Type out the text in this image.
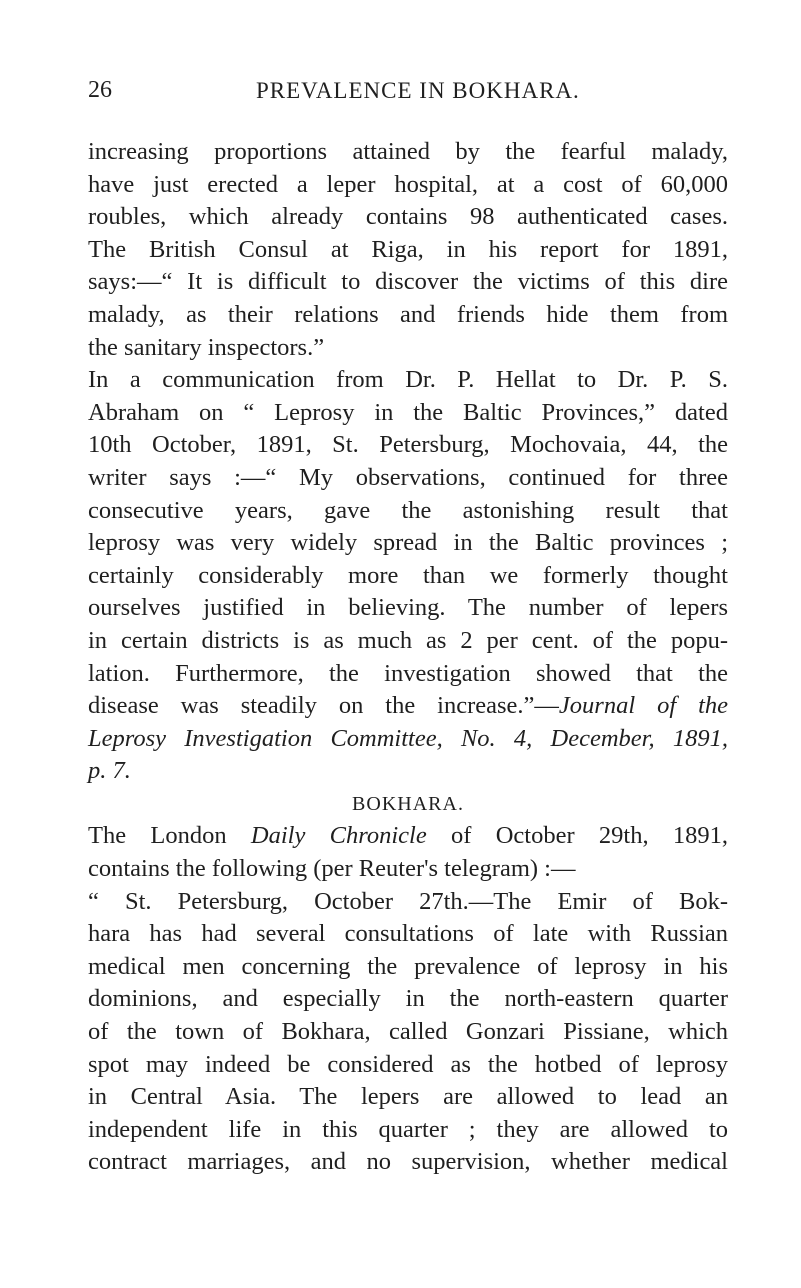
26	PREVALENCE IN BOKHARA.
increasing proportions attained by the fearful malady,
have just erected a leper hospital, at a cost of 60,000
roubles, which already contains 98 authenticated cases.
The British Consul at Riga, in his report for 1891,
says:—“ It is difficult to discover the victims of this dire
malady, as their relations and friends hide them from
the sanitary inspectors.”
In a communication from Dr. P. Hellat to Dr. P. S.
Abraham on “ Leprosy in the Baltic Provinces,” dated
10th October, 1891, St. Petersburg, Mochovaia, 44, the
writer says :—“ My observations, continued for three
consecutive years, gave the astonishing result that
leprosy was very widely spread in the Baltic provinces ;
certainly considerably more than we formerly thought
ourselves justified in believing. The number of lepers
in certain districts is as much as 2 per cent. of the popu-
lation. Furthermore, the investigation showed that the
disease was steadily on the increase.”—Journal of the
Leprosy Investigation Committee, No. 4, December, 1891,
p. 7.
BOKHARA.
The London Daily Chronicle of October 29th, 1891,
contains the following (per Reuter's telegram) :—
“ St. Petersburg, October 27th.—The Emir of Bok-
hara has had several consultations of late with Russian
medical men concerning the prevalence of leprosy in his
dominions, and especially in the north-eastern quarter
of the town of Bokhara, called Gonzari Pissiane, which
spot may indeed be considered as the hotbed of leprosy
in Central Asia. The lepers are allowed to lead an
independent life in this quarter ; they are allowed to
contract marriages, and no supervision, whether medical
